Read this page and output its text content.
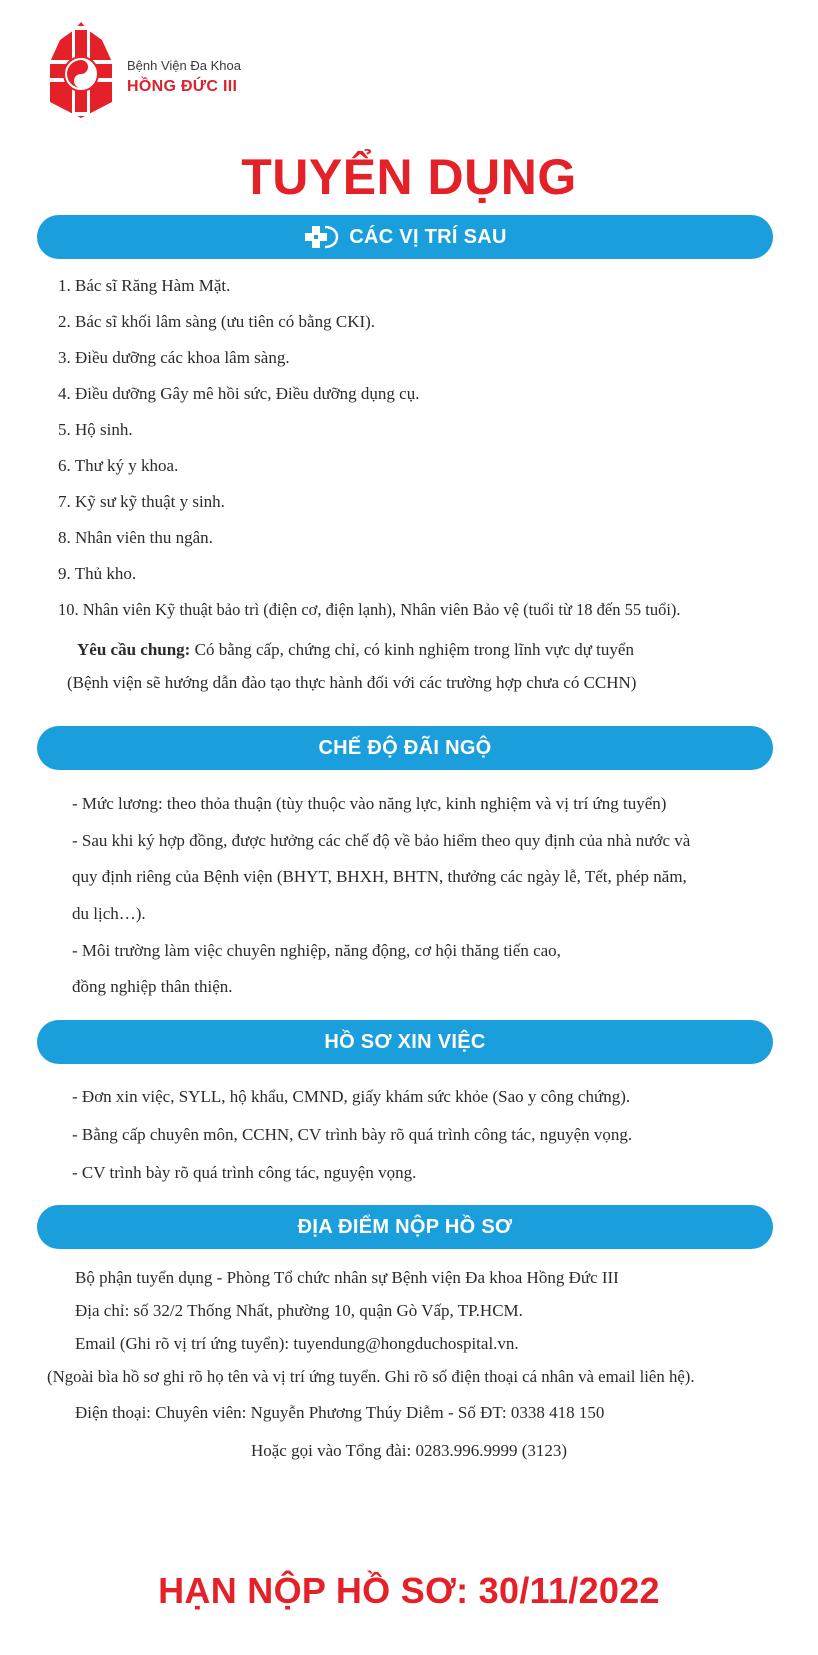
Bệnh Viện Đa Khoa
HỒNG ĐỨC III
TUYỂN DỤNG
CÁC VỊ TRÍ SAU
1. Bác sĩ Răng Hàm Mặt.
2. Bác sĩ khối lâm sàng (ưu tiên có bằng CKI).
3. Điều dưỡng các khoa lâm sàng.
4. Điều dưỡng Gây mê hồi sức, Điều dưỡng dụng cụ.
5. Hộ sinh.
6. Thư ký y khoa.
7. Kỹ sư kỹ thuật y sinh.
8. Nhân viên thu ngân.
9. Thủ kho.
10. Nhân viên Kỹ thuật bảo trì (điện cơ, điện lạnh), Nhân viên Bảo vệ (tuổi từ 18 đến 55 tuổi).
Yêu cầu chung: Có bằng cấp, chứng chỉ, có kinh nghiệm trong lĩnh vực dự tuyển
(Bệnh viện sẽ hướng dẫn đào tạo thực hành đối với các trường hợp chưa có CCHN)
CHẾ ĐỘ ĐÃI NGỘ
- Mức lương: theo thỏa thuận (tùy thuộc vào năng lực, kinh nghiệm và vị trí ứng tuyển)
- Sau khi ký hợp đồng, được hưởng các chế độ về bảo hiểm theo quy định của nhà nước và
quy định riêng của Bệnh viện (BHYT, BHXH, BHTN, thưởng các ngày lễ, Tết, phép năm,
du lịch…).
- Môi trường làm việc chuyên nghiệp, năng động, cơ hội thăng tiến cao,
đồng nghiệp thân thiện.
HỒ SƠ XIN VIỆC
- Đơn xin việc, SYLL, hộ khẩu, CMND, giấy khám sức khỏe (Sao y công chứng).
- Bằng cấp chuyên môn, CCHN, CV trình bày rõ quá trình công tác, nguyện vọng.
- CV trình bày rõ quá trình công tác, nguyện vọng.
ĐỊA ĐIỂM NỘP HỒ SƠ
Bộ phận tuyển dụng - Phòng Tổ chức nhân sự Bệnh viện Đa khoa Hồng Đức III
Địa chỉ: số 32/2 Thống Nhất, phường 10, quận Gò Vấp, TP.HCM.
Email (Ghi rõ vị trí ứng tuyển): tuyendung@hongduchospital.vn.
(Ngoài bìa hồ sơ ghi rõ họ tên và vị trí ứng tuyển. Ghi rõ số điện thoại cá nhân và email liên hệ).
Điện thoại: Chuyên viên: Nguyễn Phương Thúy Diễm - Số ĐT: 0338 418 150
Hoặc gọi vào Tổng đài: 0283.996.9999 (3123)
HẠN NỘP HỒ SƠ: 30/11/2022
